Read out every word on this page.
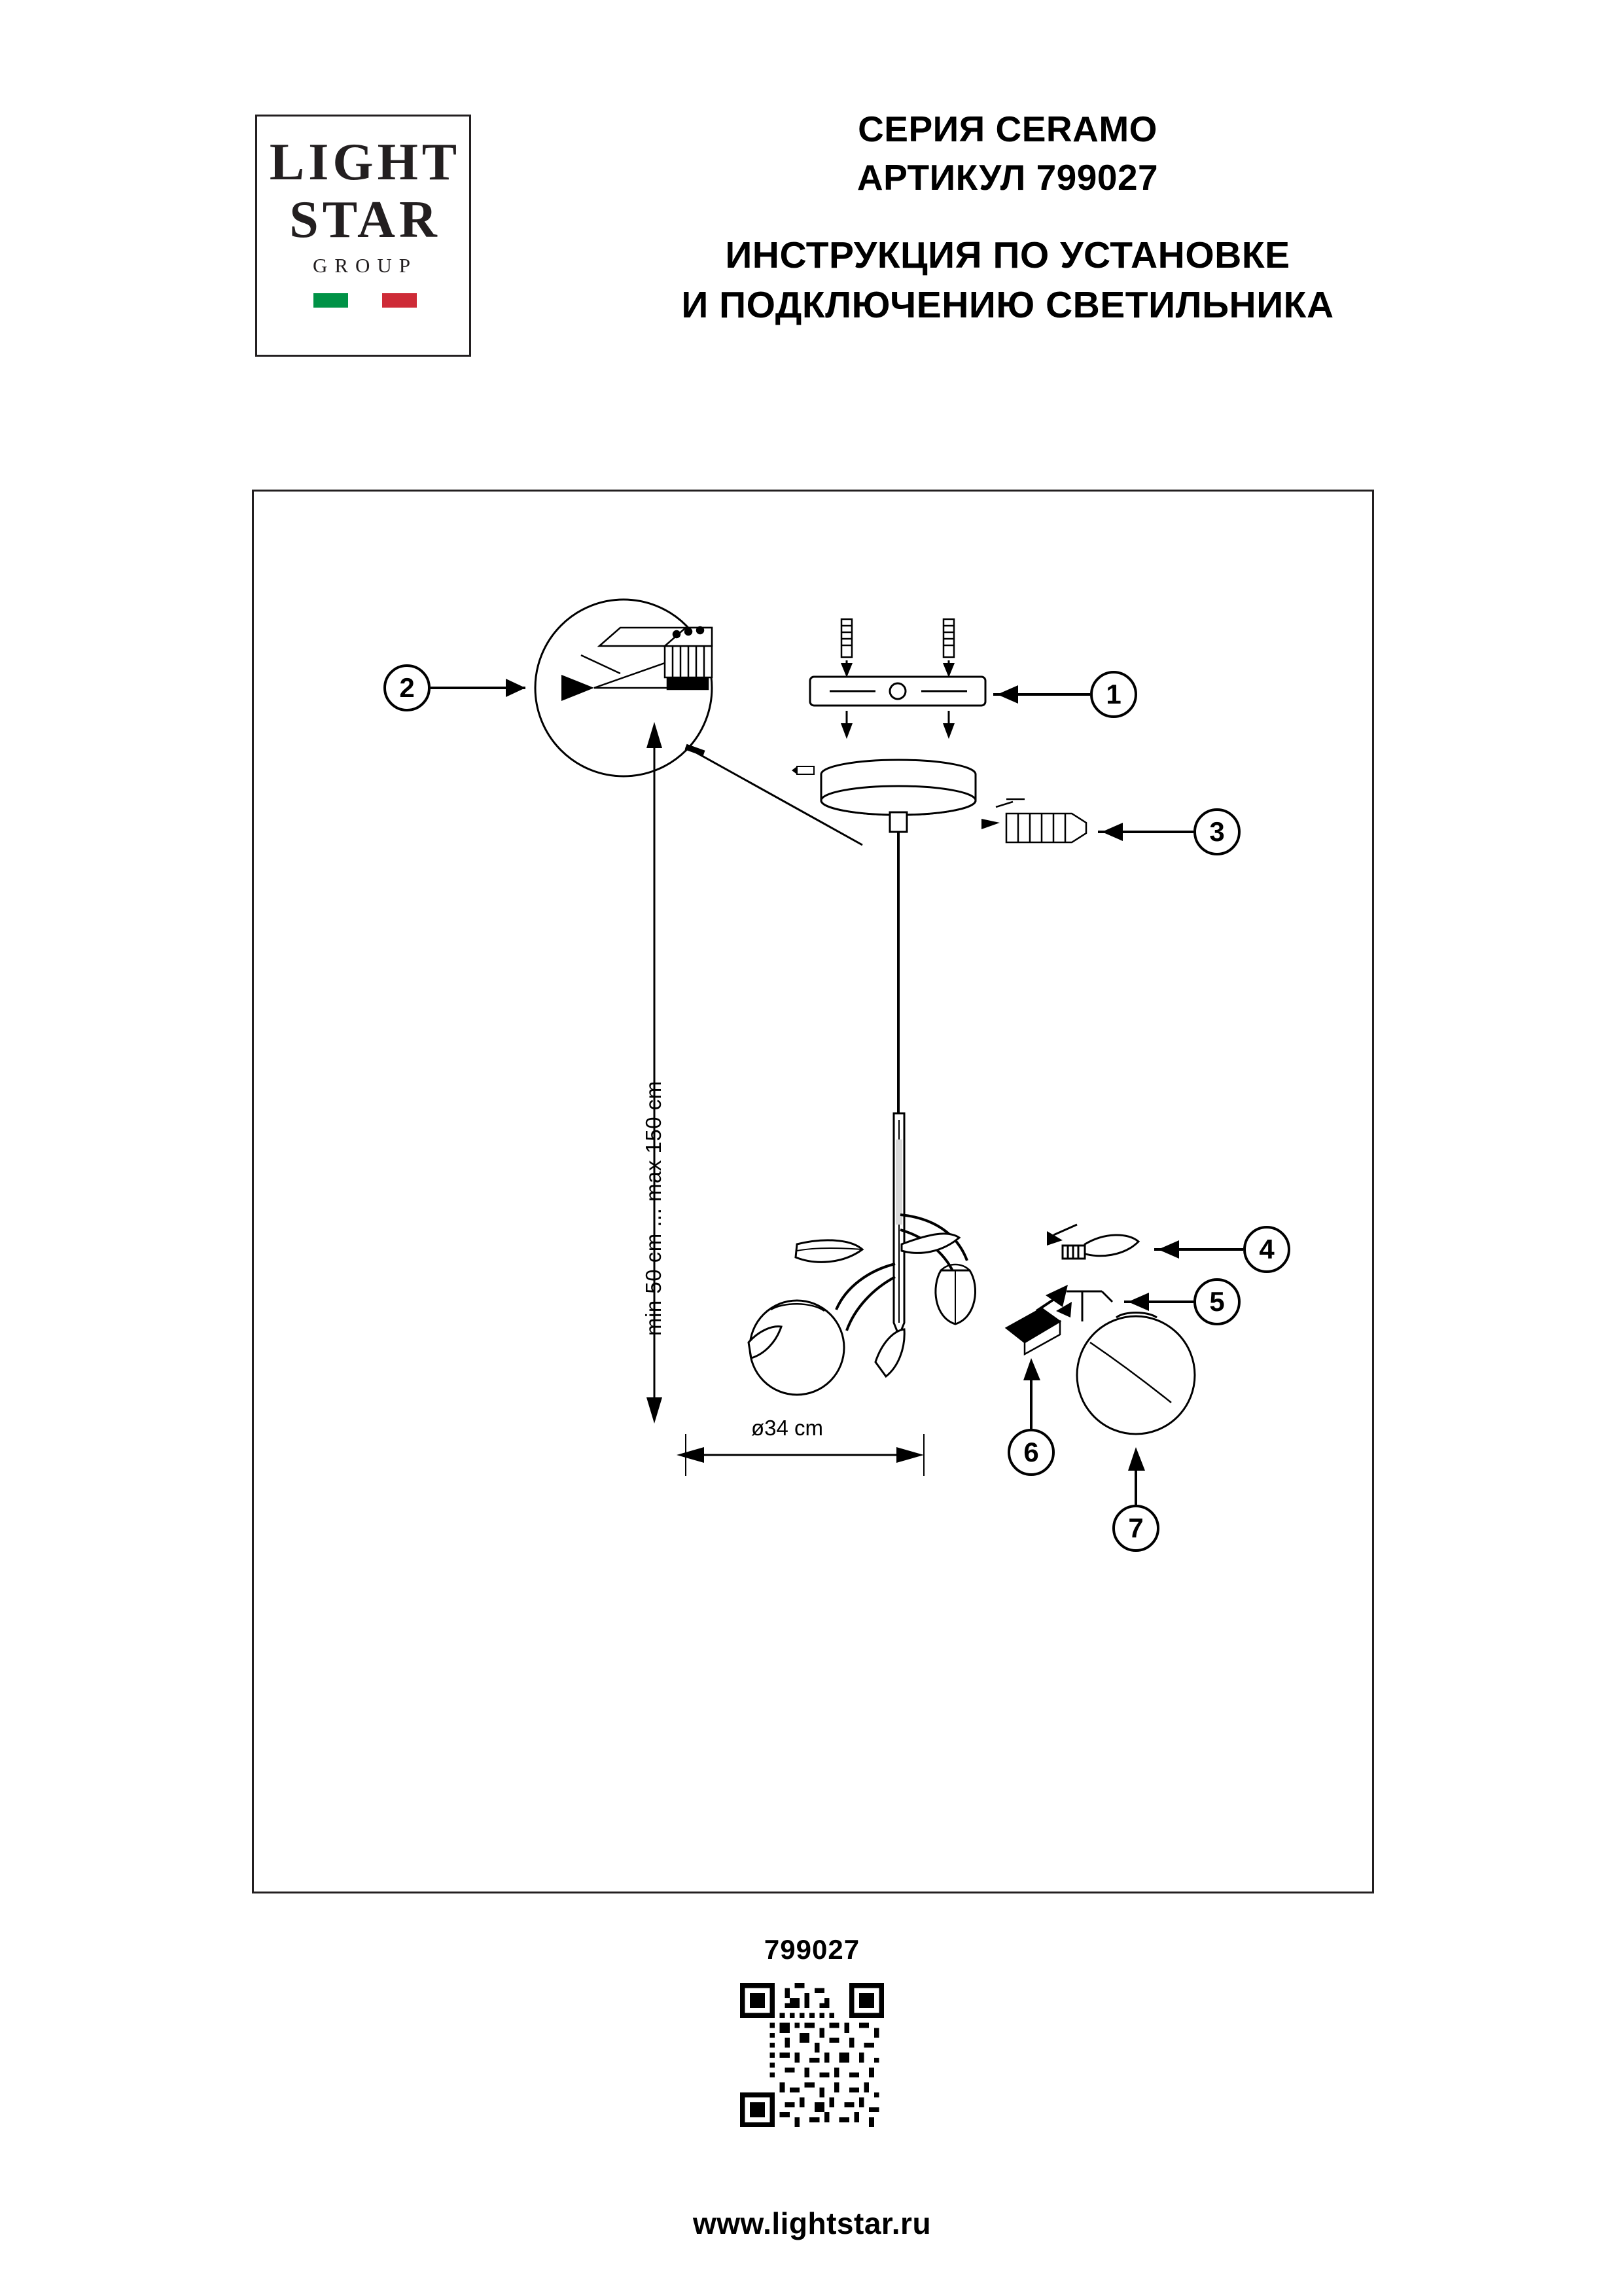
LIGHT
STAR
GROUP
СЕРИЯ CERAMO
АРТИКУЛ 799027
ИНСТРУКЦИЯ ПО УСТАНОВКЕ
И ПОДКЛЮЧЕНИЮ СВЕТИЛЬНИКА
2	1
3
4
5
6
7
min 50 cm ... max 150 cm
ø34 cm
799027
www.lightstar.ru
